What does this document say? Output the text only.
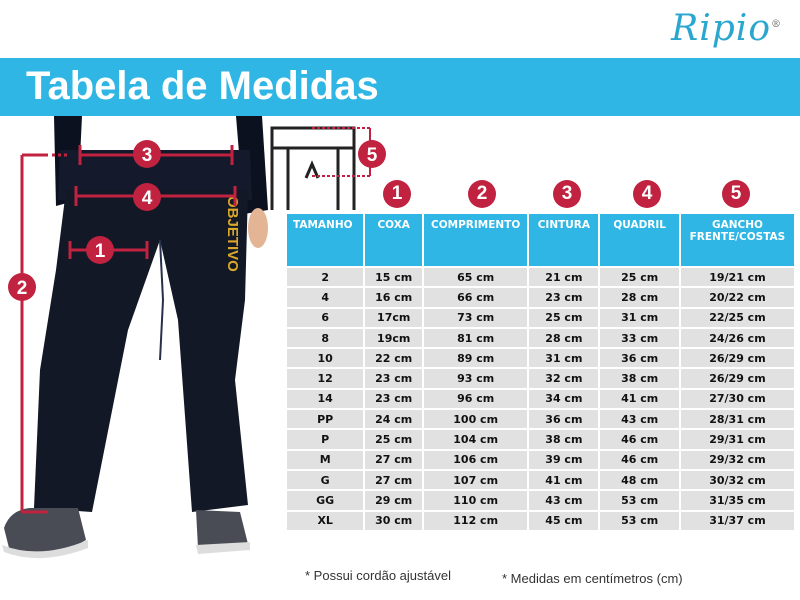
Ripio®
Tabela de Medidas
OBJETIVO
1
2
3
4
5
1	2	3	4	5
TAMANHO	COXA	COMPRIMENTO	CINTURA	QUADRIL	GANCHO FRENTE/COSTAS
2	15 cm	65 cm	21 cm	25 cm	19/21 cm
4	16 cm	66 cm	23 cm	28 cm	20/22 cm
6	17cm	73 cm	25 cm	31 cm	22/25 cm
8	19cm	81 cm	28 cm	33 cm	24/26 cm
10	22 cm	89 cm	31 cm	36 cm	26/29 cm
12	23 cm	93 cm	32 cm	38 cm	26/29 cm
14	23 cm	96 cm	34 cm	41 cm	27/30 cm
PP	24 cm	100 cm	36 cm	43 cm	28/31 cm
P	25 cm	104 cm	38 cm	46 cm	29/31 cm
M	27 cm	106 cm	39 cm	46 cm	29/32 cm
G	27 cm	107 cm	41 cm	48 cm	30/32 cm
GG	29 cm	110 cm	43 cm	53 cm	31/35 cm
XL	30 cm	112 cm	45 cm	53 cm	31/37 cm
* Possui cordão ajustável	* Medidas em centímetros (cm)
